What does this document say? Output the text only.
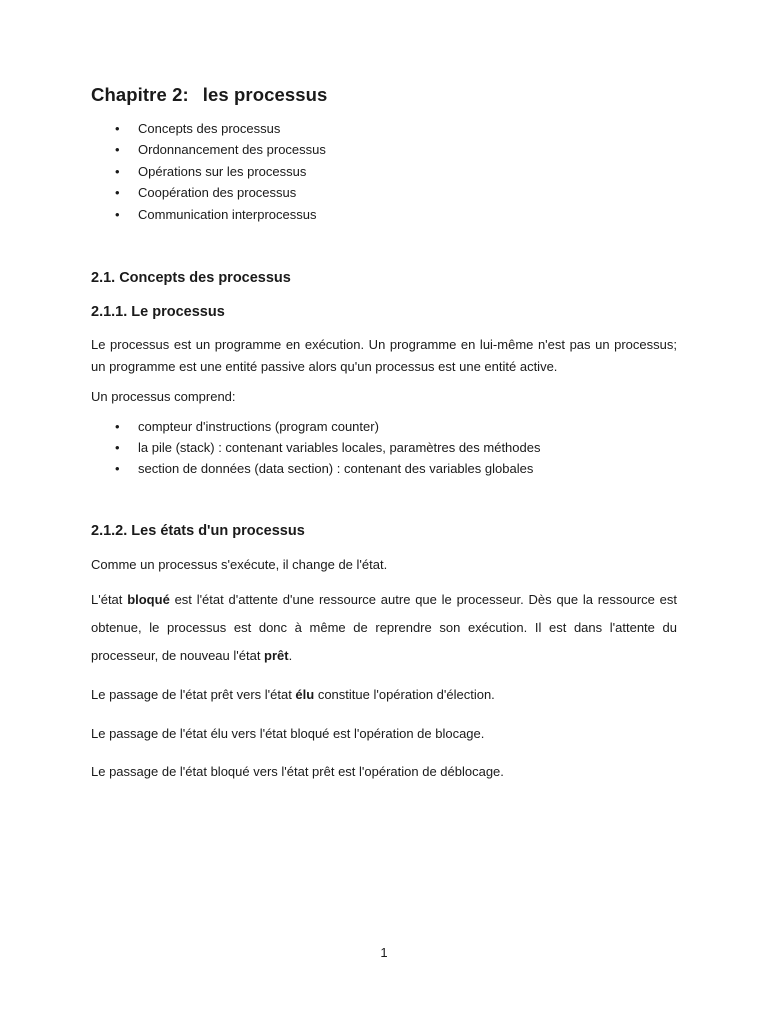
Chapitre 2: les processus
• Concepts des processus
• Ordonnancement des processus
• Opérations sur les processus
• Coopération des processus
• Communication interprocessus
2.1. Concepts des processus
2.1.1. Le processus

Le processus est un programme en exécution. Un programme en lui-même n'est pas un processus; un programme est une entité passive alors qu'un processus est une entité active.

Un processus comprend:

• compteur d'instructions (program counter)
• la pile (stack) : contenant variables locales, paramètres des méthodes
• section de données (data section) : contenant des variables globales
2.1.2. Les états d'un processus

Comme un processus s'exécute, il change de l'état.

L'état bloqué est l'état d'attente d'une ressource autre que le processeur. Dès que la ressource est obtenue, le processus est donc à même de reprendre son exécution. Il est dans l'attente du processeur, de nouveau l'état prêt.

Le passage de l'état prêt vers l'état élu constitue l'opération d'élection.

Le passage de l'état élu vers l'état bloqué est l'opération de blocage.

Le passage de l'état bloqué vers l'état prêt est l'opération de déblocage.

1
